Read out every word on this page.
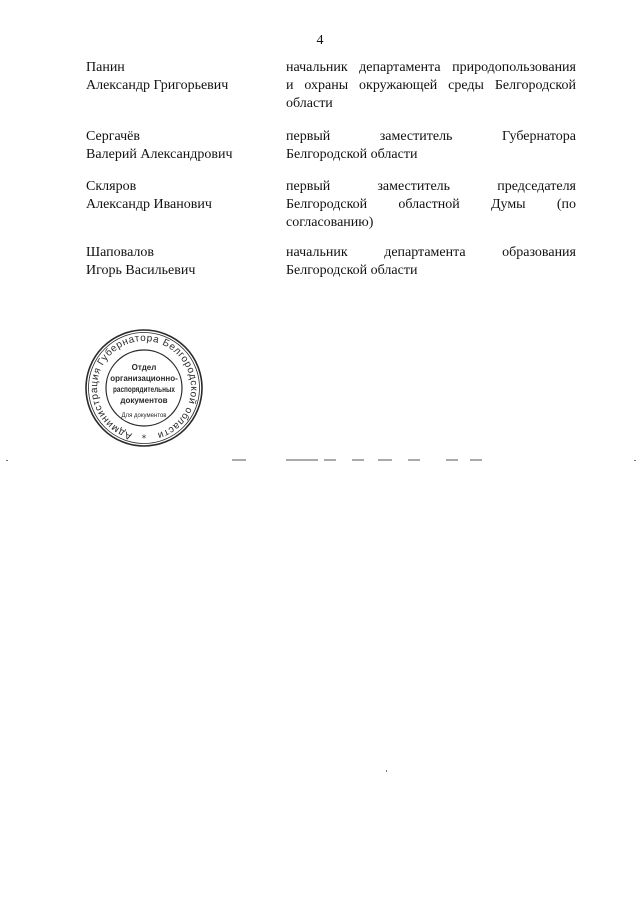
4
Панин
Александр Григорьевич
начальник департамента природопользования
и охраны окружающей среды Белгородской
области
Сергачёв
Валерий Александрович
первый заместитель Губернатора
Белгородской области
Скляров
Александр Иванович
первый заместитель председателя
Белгородской областной Думы (по
согласованию)
Шаповалов
Игорь Васильевич
начальник департамента образования
Белгородской области
Администрация Губернатора Белгородской области
Отдел
организационно-
распорядительных
документов
Для документов
*
